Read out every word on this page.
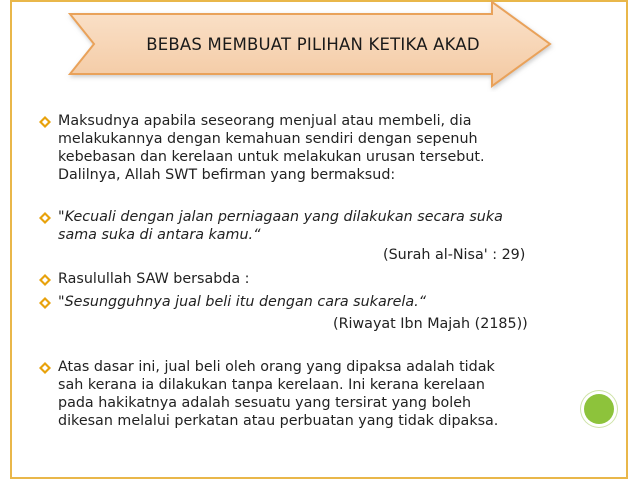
BEBAS MEMBUAT PILIHAN KETIKA AKAD
Maksudnya apabila seseorang menjual atau membeli, dia
melakukannya dengan kemahuan sendiri dengan sepenuh
kebebasan dan kerelaan untuk melakukan urusan tersebut.
Dalilnya, Allah SWT befirman yang bermaksud:
"Kecuali dengan jalan perniagaan yang dilakukan secara suka
sama suka di antara kamu.“
(Surah al-Nisa' : 29)
Rasulullah SAW bersabda :
"Sesungguhnya jual beli itu dengan cara sukarela.“
(Riwayat Ibn Majah (2185))
Atas dasar ini, jual beli oleh orang yang dipaksa adalah tidak
sah kerana ia dilakukan tanpa kerelaan. Ini kerana kerelaan
pada hakikatnya adalah sesuatu yang tersirat yang boleh
dikesan melalui perkatan atau perbuatan yang tidak dipaksa.
